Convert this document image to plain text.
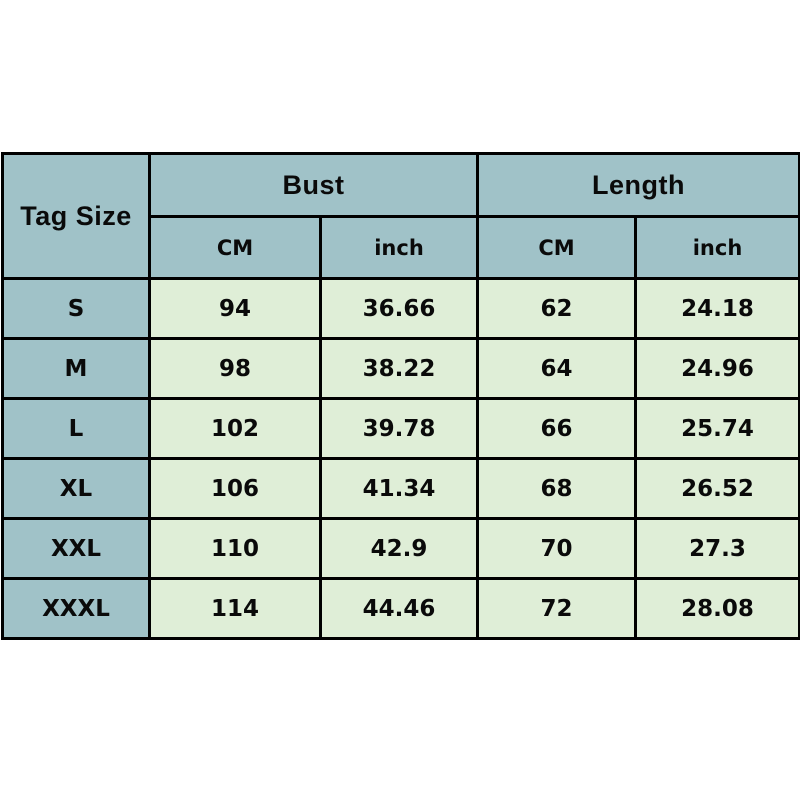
Tag Size	Bust		Length	
	CM	inch	CM	inch
S	94	36.66	62	24.18
M	98	38.22	64	24.96
L	102	39.78	66	25.74
XL	106	41.34	68	26.52
XXL	110	42.9	70	27.3
XXXL	114	44.46	72	28.08
